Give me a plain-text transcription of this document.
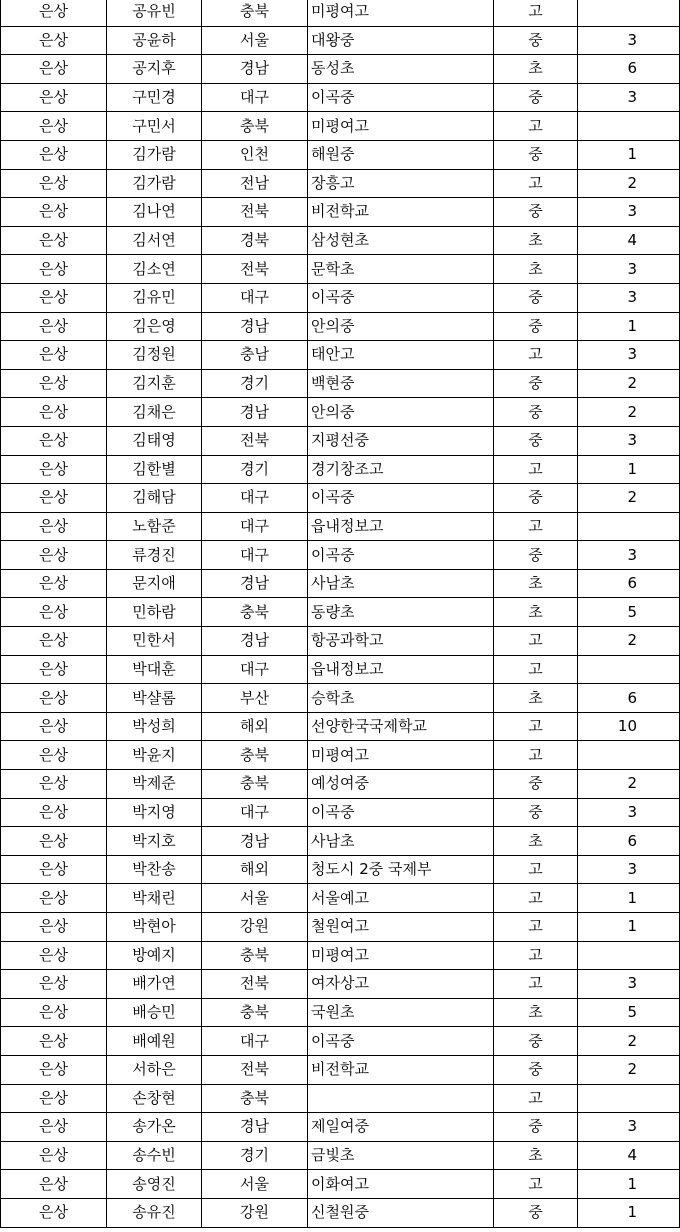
은상	공유빈	충북	미평여고	고	
은상	공윤하	서울	대왕중	중	3
은상	공지후	경남	동성초	초	6
은상	구민경	대구	이곡중	중	3
은상	구민서	충북	미평여고	고	
은상	김가람	인천	해원중	중	1
은상	김가람	전남	장흥고	고	2
은상	김나연	전북	비전학교	중	3
은상	김서연	경북	삼성현초	초	4
은상	김소연	전북	문학초	초	3
은상	김유민	대구	이곡중	중	3
은상	김은영	경남	안의중	중	1
은상	김정원	충남	태안고	고	3
은상	김지훈	경기	백현중	중	2
은상	김채은	경남	안의중	중	2
은상	김태영	전북	지평선중	중	3
은상	김한별	경기	경기창조고	고	1
은상	김해담	대구	이곡중	중	2
은상	노함준	대구	읍내정보고	고	
은상	류경진	대구	이곡중	중	3
은상	문지애	경남	사남초	초	6
은상	민하람	충북	동량초	초	5
은상	민한서	경남	항공과학고	고	2
은상	박대훈	대구	읍내정보고	고	
은상	박샬롬	부산	승학초	초	6
은상	박성희	해외	선양한국국제학교	고	10
은상	박윤지	충북	미평여고	고	
은상	박제준	충북	예성여중	중	2
은상	박지영	대구	이곡중	중	3
은상	박지호	경남	사남초	초	6
은상	박찬송	해외	청도시 2중 국제부	고	3
은상	박채린	서울	서울예고	고	1
은상	박현아	강원	철원여고	고	1
은상	방예지	충북	미평여고	고	
은상	배가연	전북	여자상고	고	3
은상	배승민	충북	국원초	초	5
은상	배예원	대구	이곡중	중	2
은상	서하은	전북	비전학교	중	2
은상	손창현	충북		고	
은상	송가온	경남	제일여중	중	3
은상	송수빈	경기	금빛초	초	4
은상	송영진	서울	이화여고	고	1
은상	송유진	강원	신철원중	중	1
